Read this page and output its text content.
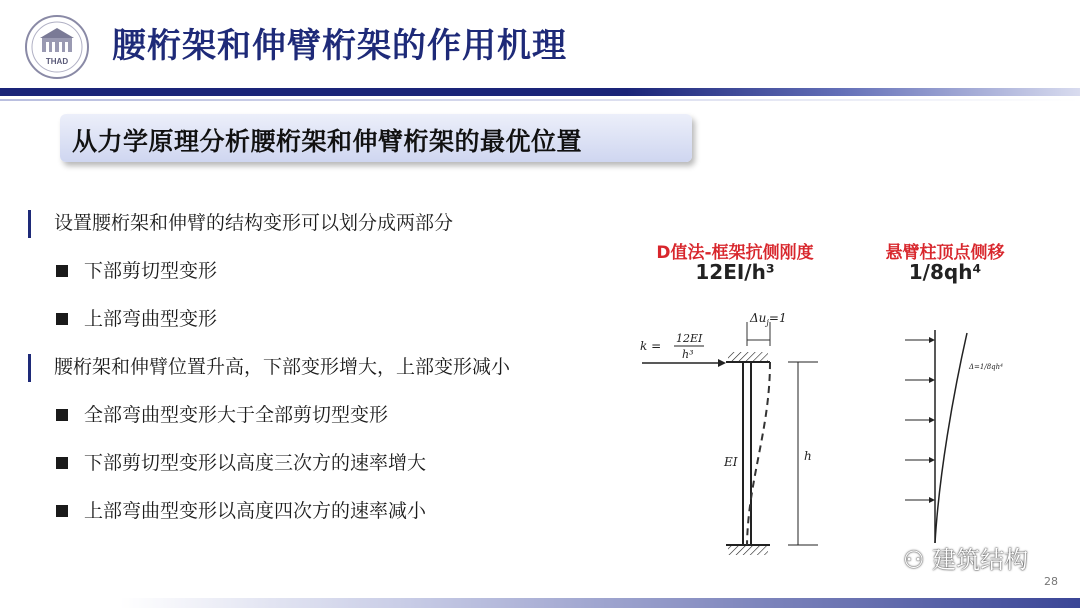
THAD 腰桁架和伸臂桁架的作用机理
从力学原理分析腰桁架和伸臂桁架的最优位置
设置腰桁架和伸臂的结构变形可以划分成两部分
下部剪切型变形
上部弯曲型变形
腰桁架和伸臂位置升高，下部变形增大，上部变形减小
全部弯曲型变形大于全部剪切型变形
下部剪切型变形以高度三次方的速率增大
上部弯曲型变形以高度四次方的速率减小
D值法-框架抗侧刚度
12EI/h³
悬臂柱顶点侧移
1/8qh⁴
$\Delta u_j=1$
k =
12EI
h³
EI	h
Δ=1/8qh⁴
⚇ 建筑结构
28
